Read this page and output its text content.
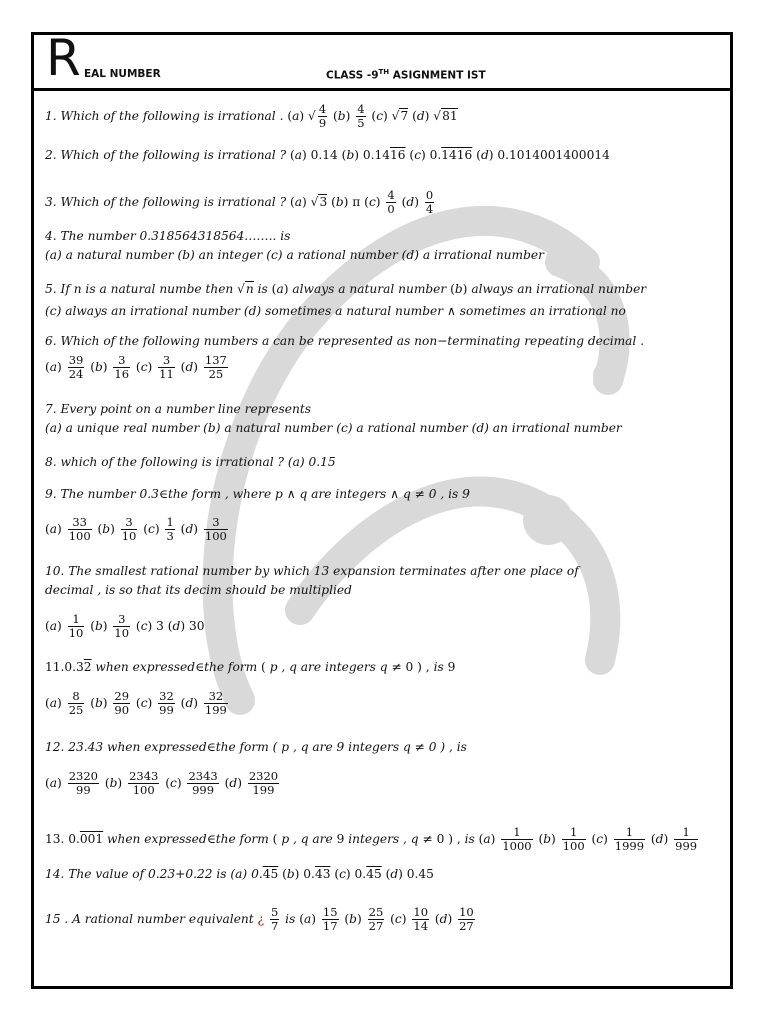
R EAL NUMBER	CLASS -9TH ASIGNMENT IST
1. Which of the following is irrational . (a) √ $\frac{4}{9} (b) \frac{4}{5} (c)$ √7 (d) √81
2. Which of the following is irrational ? (a) 0.14 (b) 0.1416 (c) 0.1416 (d) 0.1014001400014
3. Which of the following is irrational ? (a) √3 (b) π $(c) \frac{4}{0} (d) \frac{0}{4}$
4. The number 0.318564318564…….. is
(a) a natural number (b) an integer (c) a rational number (d) a irrational number
5. If n is a natural numbe then √n is (a) always a natural number (b) always an irrational number
(c) always an irrational number (d) sometimes a natural number ∧ sometimes an irrational no
6. Which of the following numbers a can be represented as non−terminating repeating decimal .
$(a) \frac{39}{24} (b) \frac{3}{16} (c) \frac{3}{11} (d) \frac{137}{25}$
7. Every point on a number line represents
(a) a unique real number (b) a natural number (c) a rational number (d) an irrational number
8. which of the following is irrational ? (a) 0.15
9. The number 0.3∈the form , where p ∧ q are integers ∧ q ≠ 0 , is 9
$(a) \frac{33}{100} (b) \frac{3}{10} (c) \frac{1}{3} (d) \frac{3}{100}$
10. The smallest rational number by which 13 expansion terminates after one place of
decimal , is so that its decim should be multiplied
$(a) \frac{1}{10} (b) \frac{3}{10} (c)$ 3 (d) 30
11.0.32 when expressed∈the form ( p , q are integers q ≠ 0 ) , is 9
$(a) \frac{8}{25} (b) \frac{29}{90} (c) \frac{32}{99} (d) \frac{32}{199}$
12. 23.43 when expressed∈the form ( p , q are 9 integers q ≠ 0 ) , is
$(a) \frac{2320}{99} (b) \frac{2343}{100} (c) \frac{2343}{999} (d) \frac{2320}{199}$
13. 0.001 when expressed∈the form ( p , q are 9 integers , q ≠ 0 ) , is $(a) \frac{1}{1000} (b) \frac{1}{100} (c) \frac{1}{1999} (d) \frac{1}{999}$
14. The value of 0.23+0.22 is (a) 0.45 (b) 0.43 (c) 0.45 (d) 0.45
15 . A rational number equivalent ¿ $\frac{5}{7}$ is $(a) \frac{15}{17} (b) \frac{25}{27} (c) \frac{10}{14} (d) \frac{10}{27}$
